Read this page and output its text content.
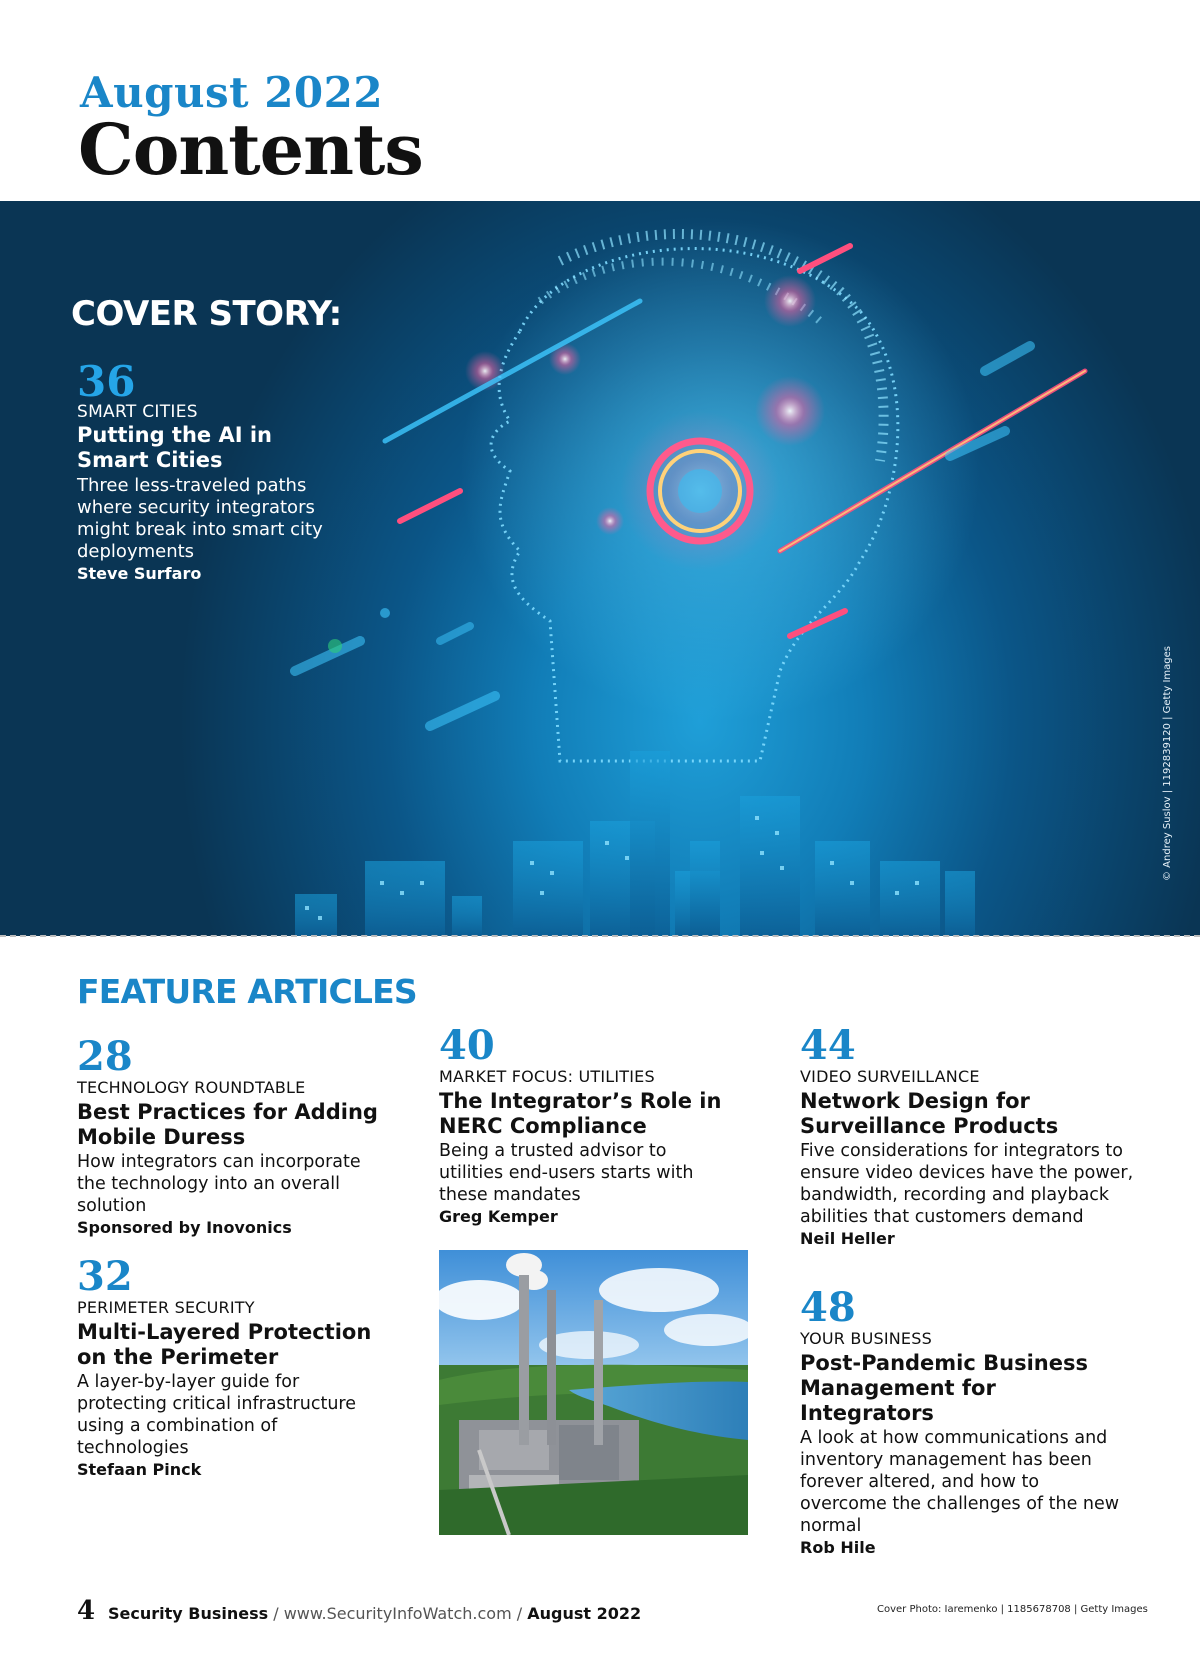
August 2022
Contents
COVER STORY:
36
SMART CITIES
Putting the AI in
Smart Cities
Three less-traveled paths where security integrators might break into smart city deployments
Steve Surfaro
© Andrey Suslov | 1192839120 | Getty Images
FEATURE ARTICLES
28
TECHNOLOGY ROUNDTABLE
Best Practices for Adding Mobile Duress
How integrators can incorporate the technology into an overall solution
Sponsored by Inovonics
32
PERIMETER SECURITY
Multi-Layered Protection on the Perimeter
A layer-by-layer guide for protecting critical infrastructure using a combination of technologies
Stefaan Pinck
40
MARKET FOCUS: UTILITIES
The Integrator’s Role in NERC Compliance
Being a trusted advisor to utilities end-users starts with these mandates
Greg Kemper
44
VIDEO SURVEILLANCE
Network Design for Surveillance Products
Five considerations for integrators to ensure video devices have the power, bandwidth, recording and playback abilities that customers demand
Neil Heller
48
YOUR BUSINESS
Post-Pandemic Business Management for Integrators
A look at how communications and inventory management has been forever altered, and how to overcome the challenges of the new normal
Rob Hile
4 Security Business / www.SecurityInfoWatch.com / August 2022	Cover Photo: Iaremenko | 1185678708 | Getty Images
